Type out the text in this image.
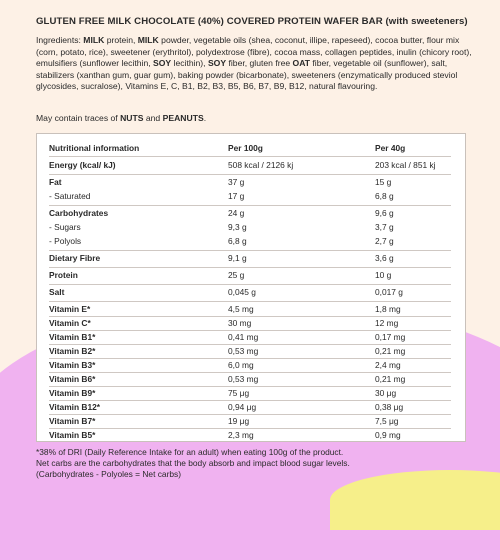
GLUTEN FREE MILK CHOCOLATE (40%) COVERED PROTEIN WAFER BAR (with sweeteners)
Ingredients: MILK protein, MILK powder, vegetable oils (shea, coconut, illipe, rapeseed), cocoa butter, flour mix (corn, potato, rice), sweetener (erythritol), polydextrose (fibre), cocoa mass, collagen peptides, inulin (chicory root), emulsifiers (sunflower lecithin, SOY lecithin), SOY fiber, gluten free OAT fiber, vegetable oil (sunflower), salt, stabilizers (xanthan gum, guar gum), baking powder (bicarbonate), sweeteners (enzymatically produced steviol glycosides, sucralose), Vitamins E, C, B1, B2, B3, B5, B6, B7, B9, B12, natural flavouring.
May contain traces of NUTS and PEANUTS.
Nutritional information	Per 100g	Per 40g
Energy (kcal/ kJ)	508 kcal / 2126 kj	203 kcal / 851 kj
Fat	37 g	15 g
- Saturated	17 g	6,8 g
Carbohydrates	24 g	9,6 g
- Sugars	9,3 g	3,7 g
- Polyols	6,8 g	2,7 g
Dietary Fibre	9,1 g	3,6 g
Protein	25 g	10 g
Salt	0,045 g	0,017 g
Vitamin E*	4,5 mg	1,8 mg
Vitamin C*	30 mg	12 mg
Vitamin B1*	0,41 mg	0,17 mg
Vitamin B2*	0,53 mg	0,21 mg
Vitamin B3*	6,0 mg	2,4 mg
Vitamin B6*	0,53 mg	0,21 mg
Vitamin B9*	75 μg	30 μg
Vitamin B12*	0,94 μg	0,38 μg
Vitamin B7*	19 μg	7,5 μg
Vitamin B5*	2,3 mg	0,9 mg
*38% of DRI (Daily Reference Intake for an adult) when eating 100g of the product.
Net carbs are the carbohydrates that the body absorb and impact blood sugar levels.
(Carbohydrates - Polyoles = Net carbs)
